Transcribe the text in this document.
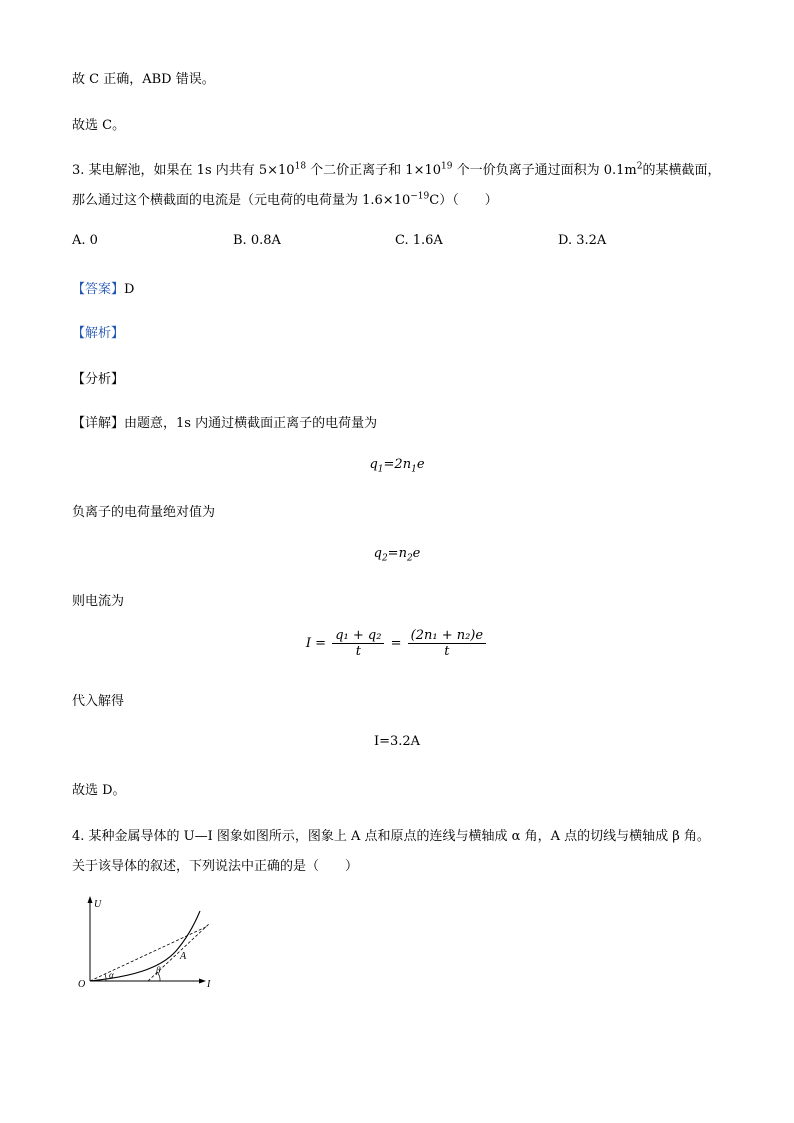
故 C 正确，ABD 错误。
故选 C。
3. 某电解池，如果在 1s 内共有 $5\times 10^{18}$ 个二价正离子和 $1\times 10^{19}$ 个一价负离子通过面积为 $0.1m^2$的某横截面，
那么通过这个横截面的电流是（元电荷的电荷量为 $1.6\times 10^{-19}C$）（　　）
A. 0	B. 0.8A	C. 1.6A	D. 3.2A
【答案】D
【解析】
【分析】
【详解】由题意，1s 内通过横截面正离子的电荷量为
$q_1=2n_1e$
负离子的电荷量绝对值为
$q_2=n_2e$
则电流为
$I = \frac{\text{q₁ + q₂}}{t} = \frac{\text{(2n₁ + n₂)e}}{t}$
代入解得
I=3.2A
故选 D。
4. 某种金属导体的 U—I 图象如图所示，图象上 A 点和原点的连线与横轴成 α 角，A 点的切线与横轴成 β 角。
关于该导体的叙述，下列说法中正确的是（　　）
O
U
I
A
α	β
